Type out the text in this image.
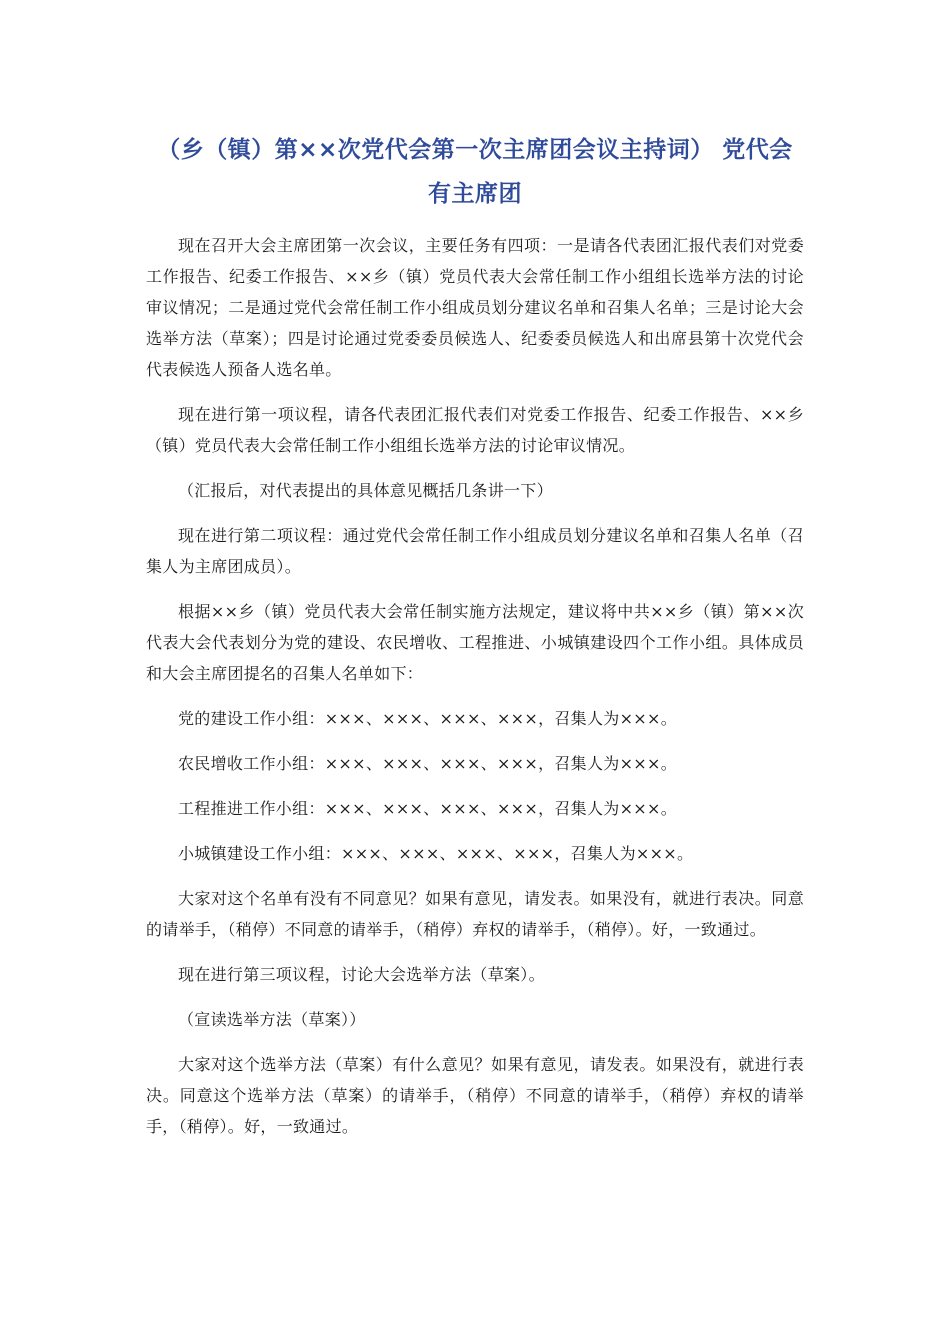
（乡（镇）第××次党代会第一次主席团会议主持词） 党代会有主席团

现在召开大会主席团第一次会议，主要任务有四项：一是请各代表团汇报代表们对党委工作报告、纪委工作报告、××乡（镇）党员代表大会常任制工作小组组长选举方法的讨论审议情况；二是通过党代会常任制工作小组成员划分建议名单和召集人名单；三是讨论大会选举方法（草案）；四是讨论通过党委委员候选人、纪委委员候选人和出席县第十次党代会代表候选人预备人选名单。

现在进行第一项议程，请各代表团汇报代表们对党委工作报告、纪委工作报告、××乡（镇）党员代表大会常任制工作小组组长选举方法的讨论审议情况。

（汇报后，对代表提出的具体意见概括几条讲一下）

现在进行第二项议程：通过党代会常任制工作小组成员划分建议名单和召集人名单（召集人为主席团成员）。

根据××乡（镇）党员代表大会常任制实施方法规定，建议将中共××乡（镇）第××次代表大会代表划分为党的建设、农民增收、工程推进、小城镇建设四个工作小组。具体成员和大会主席团提名的召集人名单如下：

党的建设工作小组：×××、×××、×××、×××，召集人为×××。

农民增收工作小组：×××、×××、×××、×××，召集人为×××。

工程推进工作小组：×××、×××、×××、×××，召集人为×××。

小城镇建设工作小组：×××、×××、×××、×××，召集人为×××。

大家对这个名单有没有不同意见？如果有意见，请发表。如果没有，就进行表决。同意的请举手，（稍停）不同意的请举手，（稍停）弃权的请举手，（稍停）。好，一致通过。

现在进行第三项议程，讨论大会选举方法（草案）。

（宣读选举方法（草案））

大家对这个选举方法（草案）有什么意见？如果有意见，请发表。如果没有，就进行表决。同意这个选举方法（草案）的请举手，（稍停）不同意的请举手，（稍停）弃权的请举手，（稍停）。好，一致通过。
